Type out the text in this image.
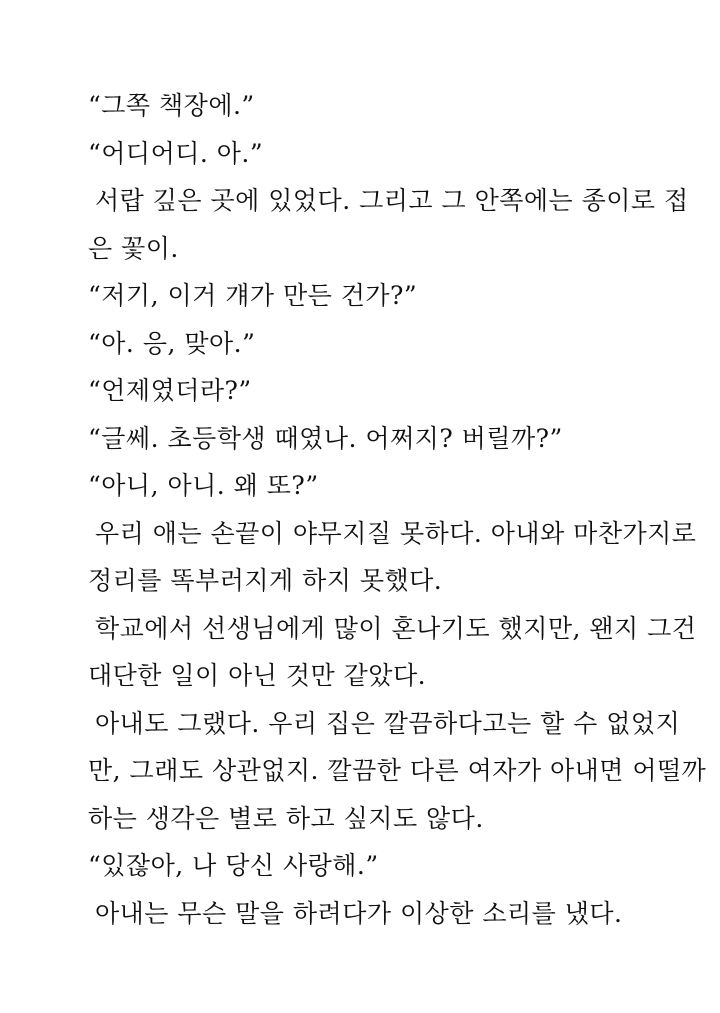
“그쪽 책장에.”

“어디어디. 아.”

서랍 깊은 곳에 있었다. 그리고 그 안쪽에는 종이로 접
은 꽃이.

“저기, 이거 걔가 만든 건가?”

“아. 응, 맞아.”

“언제였더라?”

“글쎄. 초등학생 때였나. 어쩌지? 버릴까?”

“아니, 아니. 왜 또?”

우리 애는 손끝이 야무지질 못하다. 아내와 마찬가지로
정리를 똑부러지게 하지 못했다.

학교에서 선생님에게 많이 혼나기도 했지만, 왠지 그건
대단한 일이 아닌 것만 같았다.

아내도 그랬다. 우리 집은 깔끔하다고는 할 수 없었지
만, 그래도 상관없지. 깔끔한 다른 여자가 아내면 어떨까
하는 생각은 별로 하고 싶지도 않다.

“있잖아, 나 당신 사랑해.”

아내는 무슨 말을 하려다가 이상한 소리를 냈다.
